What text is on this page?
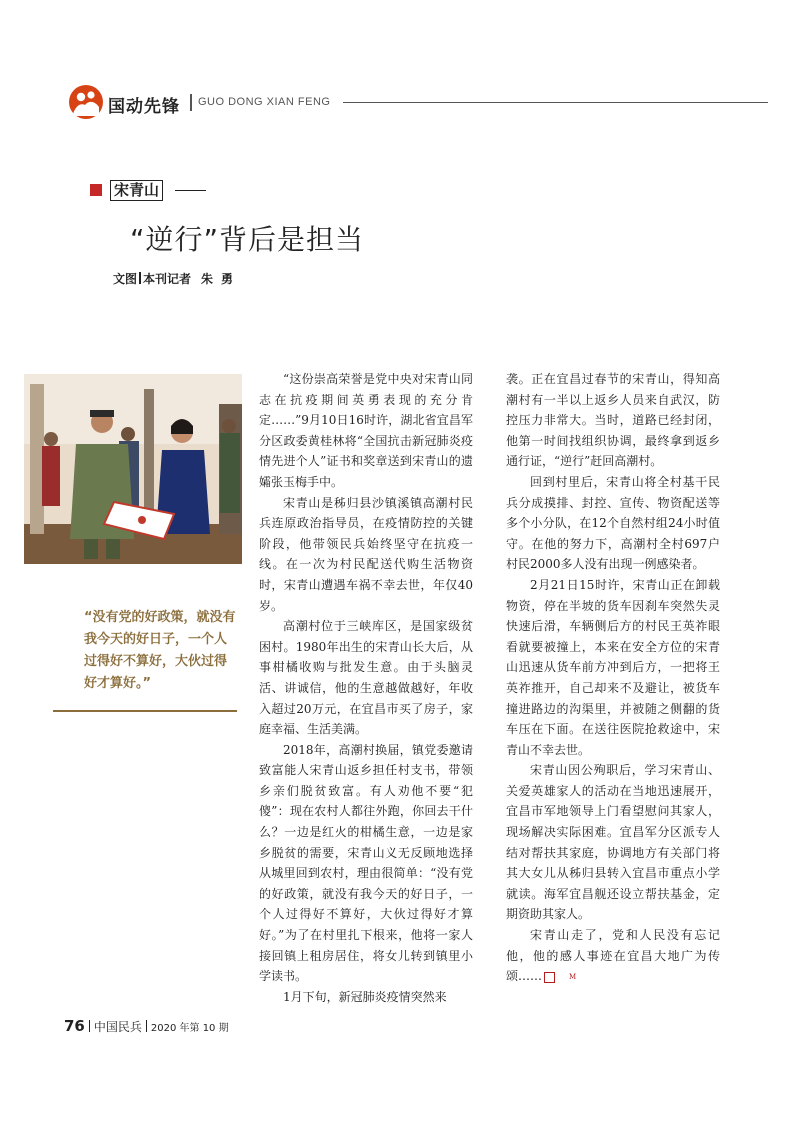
国动先锋 GUO DONG XIAN FENG
宋青山
“逆行”背后是担当
文图 本刊记者 朱勇
“没有党的好政策，就没有我今天的好日子，一个人过得好不算好，大伙过得好才算好。”

“这份崇高荣誉是党中央对宋青山同志在抗疫期间英勇表现的充分肯定……”9月10日16时许，湖北省宜昌军分区政委黄桂林将“全国抗击新冠肺炎疫情先进个人”证书和奖章送到宋青山的遗孀张玉梅手中。

宋青山是秭归县沙镇溪镇高潮村民兵连原政治指导员，在疫情防控的关键阶段，他带领民兵始终坚守在抗疫一线。在一次为村民配送代购生活物资时，宋青山遭遇车祸不幸去世，年仅40岁。

高潮村位于三峡库区，是国家级贫困村。1980年出生的宋青山长大后，从事柑橘收购与批发生意。由于头脑灵活、讲诚信，他的生意越做越好，年收入超过20万元，在宜昌市买了房子，家庭幸福、生活美满。

2018年，高潮村换届，镇党委邀请致富能人宋青山返乡担任村支书，带领乡亲们脱贫致富。有人劝他不要“犯傻”：现在农村人都往外跑，你回去干什么？一边是红火的柑橘生意，一边是家乡脱贫的需要，宋青山义无反顾地选择从城里回到农村，理由很简单：“没有党的好政策，就没有我今天的好日子，一个人过得好不算好，大伙过得好才算好。”为了在村里扎下根来，他将一家人接回镇上租房居住，将女儿转到镇里小学读书。

1月下旬，新冠肺炎疫情突然来

袭。正在宜昌过春节的宋青山，得知高潮村有一半以上返乡人员来自武汉，防控压力非常大。当时，道路已经封闭，他第一时间找组织协调，最终拿到返乡通行证，“逆行”赶回高潮村。

回到村里后，宋青山将全村基干民兵分成摸排、封控、宣传、物资配送等多个小分队，在12个自然村组24小时值守。在他的努力下，高潮村全村697户村民2000多人没有出现一例感染者。

2月21日15时许，宋青山正在卸载物资，停在半坡的货车因刹车突然失灵快速后滑，车辆侧后方的村民王英祚眼看就要被撞上，本来在安全方位的宋青山迅速从货车前方冲到后方，一把将王英祚推开，自己却来不及避让，被货车撞进路边的沟渠里，并被随之侧翻的货车压在下面。在送往医院抢救途中，宋青山不幸去世。

宋青山因公殉职后，学习宋青山、关爱英雄家人的活动在当地迅速展开，宜昌市军地领导上门看望慰问其家人，现场解决实际困难。宜昌军分区派专人结对帮扶其家庭，协调地方有关部门将其大女儿从秭归县转入宜昌市重点小学就读。海军宜昌舰还设立帮扶基金，定期资助其家人。

宋青山走了，党和人民没有忘记他，他的感人事迹在宜昌大地广为传颂……	M

76 中国民兵 2020 年第 10 期
